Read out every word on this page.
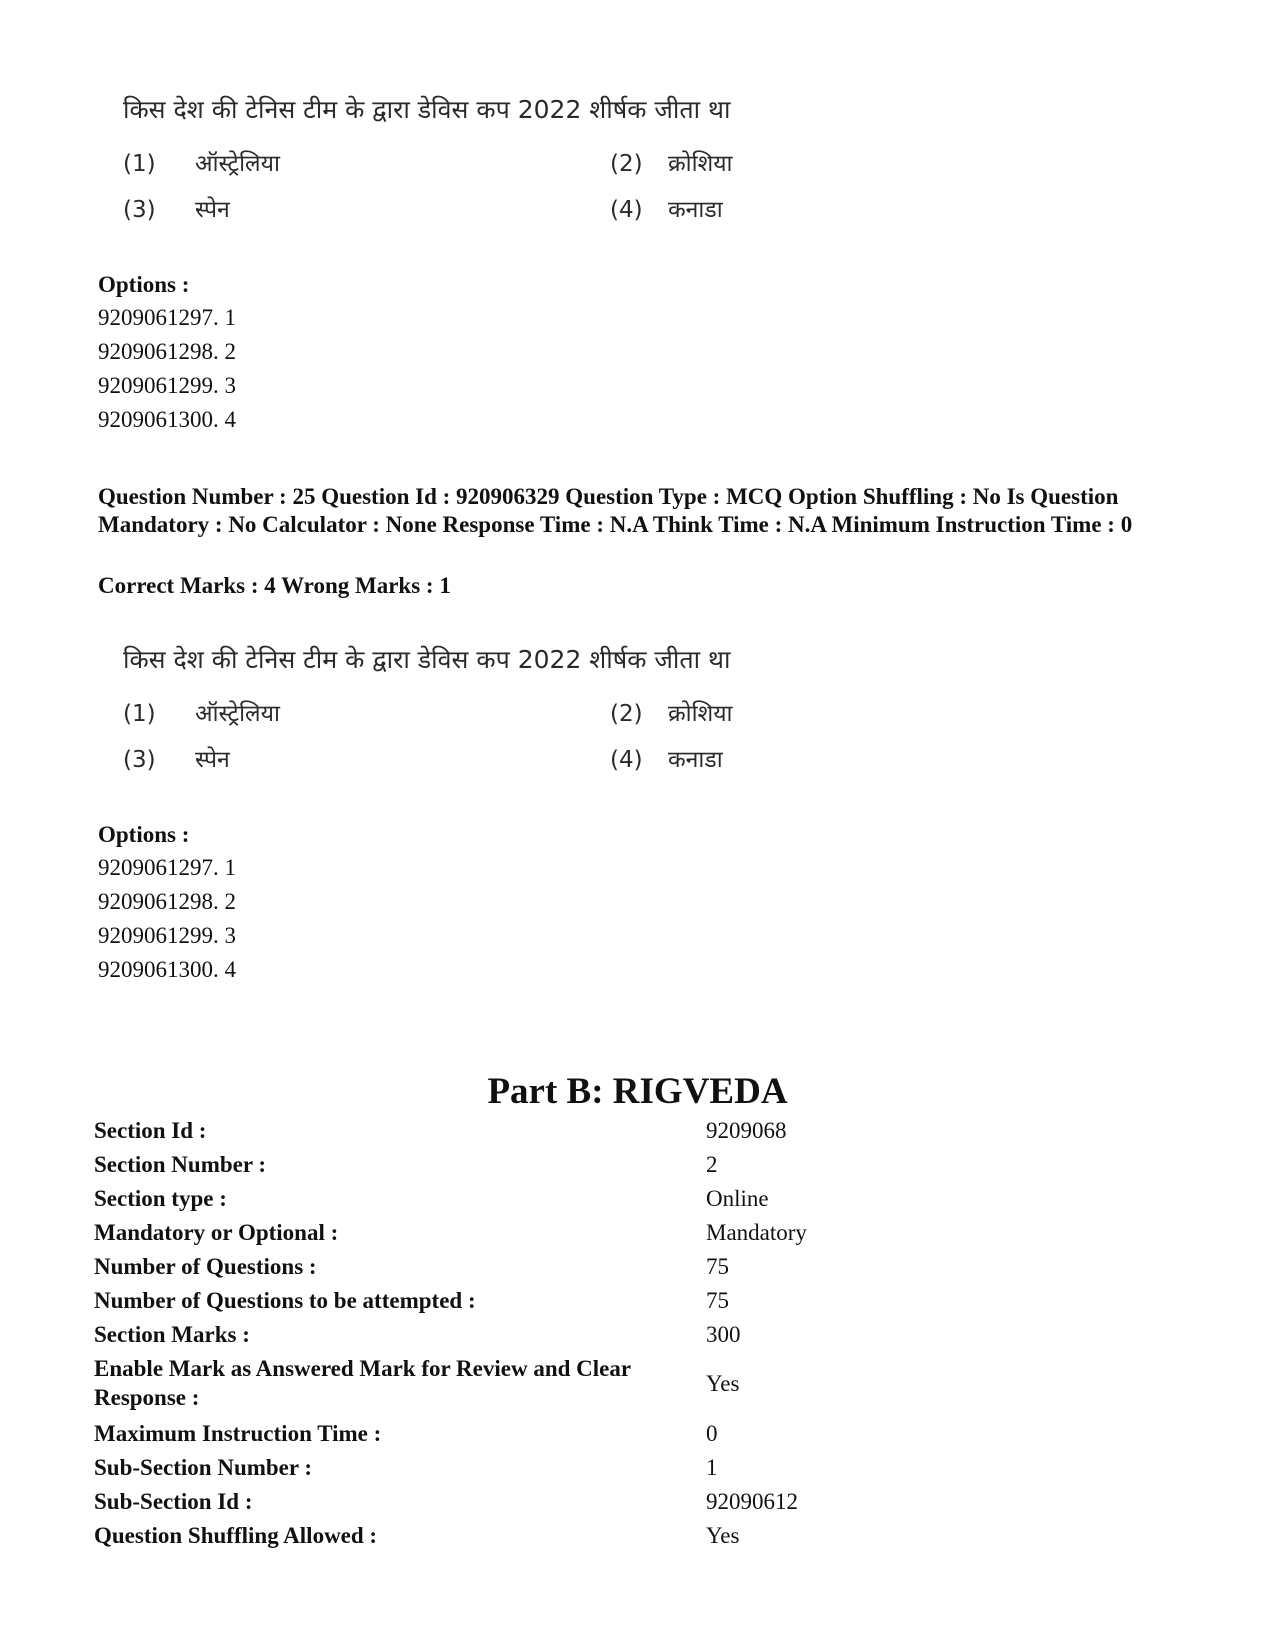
किस देश की टेनिस टीम के द्वारा डेविस कप 2022 शीर्षक जीता था
(1) ऑस्ट्रेलिया	(2) क्रोशिया
(3) स्पेन	(4) कनाडा
Options :
9209061297. 1
9209061298. 2
9209061299. 3
9209061300. 4
Question Number : 25 Question Id : 920906329 Question Type : MCQ Option Shuffling : No Is Question Mandatory : No Calculator : None Response Time : N.A Think Time : N.A Minimum Instruction Time : 0
Correct Marks : 4 Wrong Marks : 1
किस देश की टेनिस टीम के द्वारा डेविस कप 2022 शीर्षक जीता था
(1) ऑस्ट्रेलिया	(2) क्रोशिया
(3) स्पेन	(4) कनाडा
Options :
9209061297. 1
9209061298. 2
9209061299. 3
9209061300. 4
Part B: RIGVEDA
Section Id :	9209068
Section Number :	2
Section type :	Online
Mandatory or Optional :	Mandatory
Number of Questions :	75
Number of Questions to be attempted :	75
Section Marks :	300
Enable Mark as Answered Mark for Review and Clear Response :
Yes
Maximum Instruction Time :	0
Sub-Section Number :	1
Sub-Section Id :	92090612
Question Shuffling Allowed :	Yes
